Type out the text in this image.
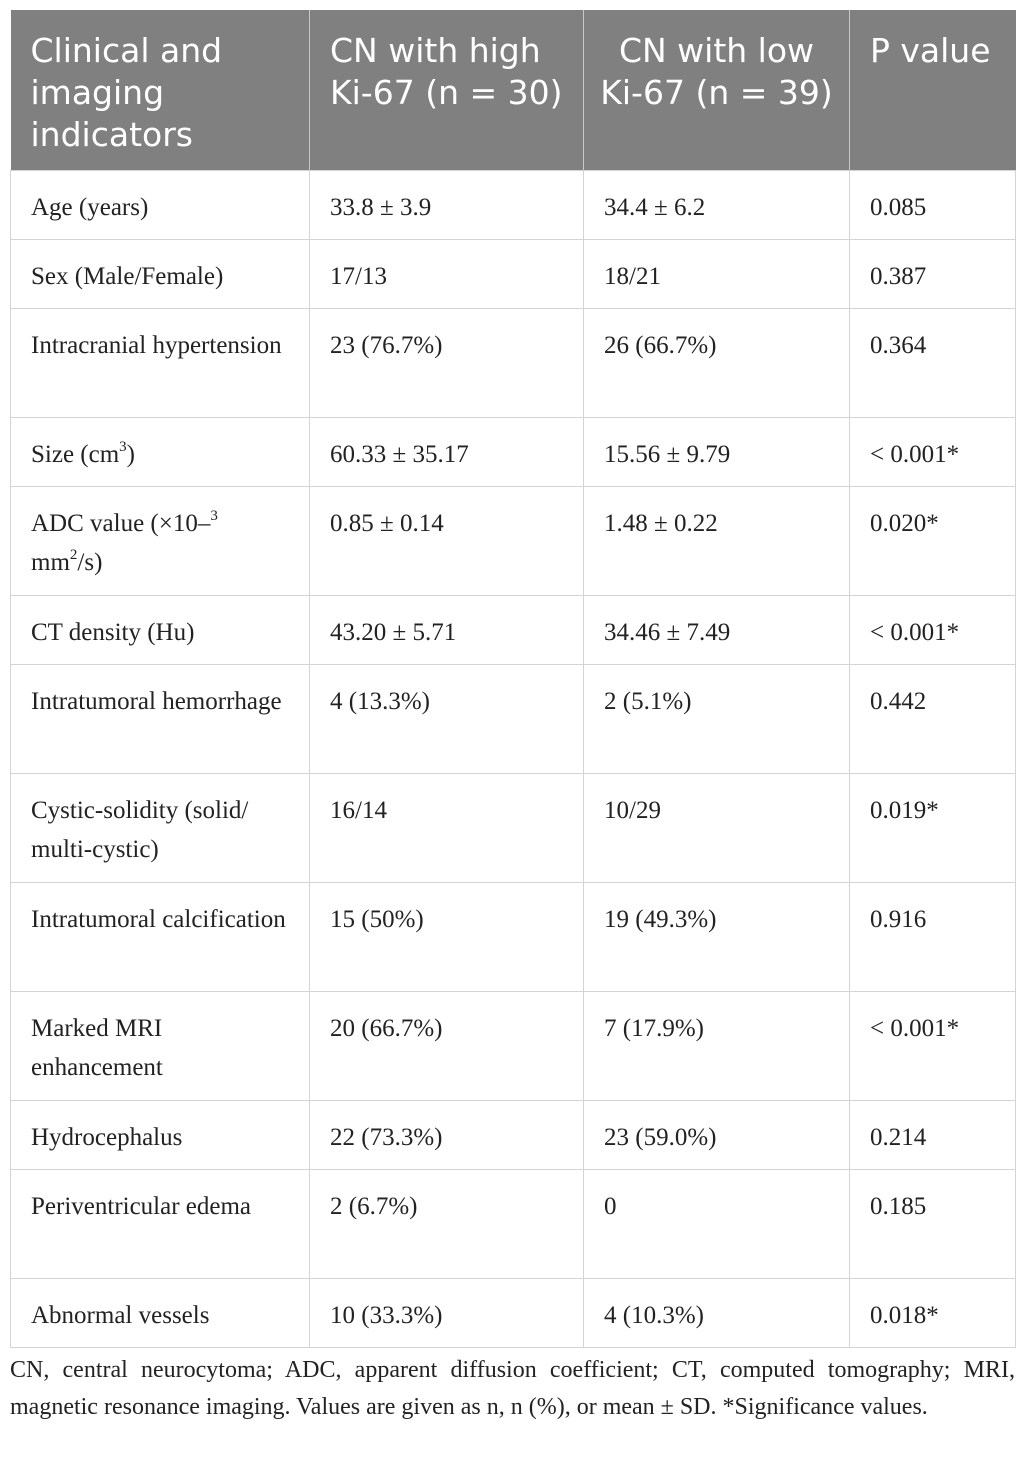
Clinical and imaging indicators	CN with high Ki-67 (n = 30)	CN with low Ki-67 (n = 39)	P value
Age (years)	33.8 ± 3.9	34.4 ± 6.2	0.085
Sex (Male/Female)	17/13	18/21	0.387
Intracranial hypertension	23 (76.7%)	26 (66.7%)	0.364
Size $(cm^3)$	60.33 ± 35.17	15.56 ± 9.79	< 0.001*
ADC value (×10–$^3$ $mm^2/s$)	0.85 ± 0.14	1.48 ± 0.22	0.020*
CT density (Hu)	43.20 ± 5.71	34.46 ± 7.49	< 0.001*
Intratumoral hemorrhage	4 (13.3%)	2 (5.1%)	0.442
Cystic-solidity (solid/ multi-cystic)	16/14	10/29	0.019*
Intratumoral calcification	15 (50%)	19 (49.3%)	0.916
Marked MRI enhancement	20 (66.7%)	7 (17.9%)	< 0.001*
Hydrocephalus	22 (73.3%)	23 (59.0%)	0.214
Periventricular edema	2 (6.7%)	0	0.185
Abnormal vessels	10 (33.3%)	4 (10.3%)	0.018*
CN, central neurocytoma; ADC, apparent diffusion coefficient; CT, computed tomography; MRI, magnetic resonance imaging. Values are given as n, n (%), or mean ± SD. *Significance values.
